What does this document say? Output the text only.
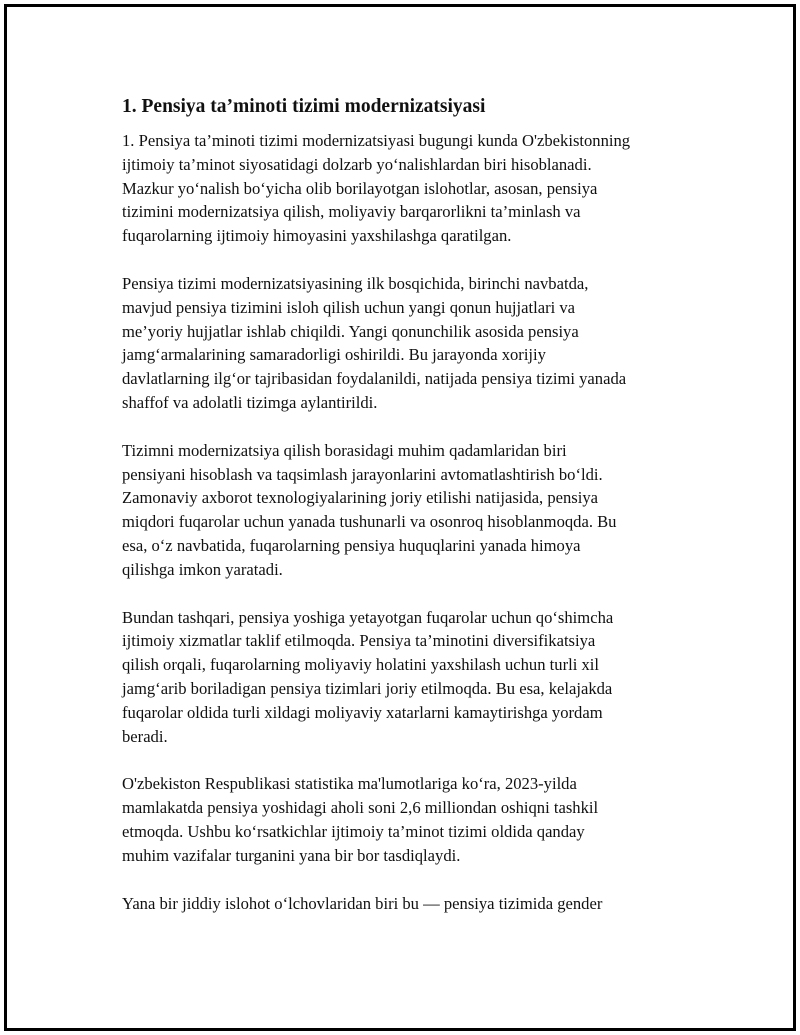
1. Pensiya ta’minoti tizimi modernizatsiyasi

1. Pensiya ta’minoti tizimi modernizatsiyasi bugungi kunda O'zbekistonning
ijtimoiy ta’minot siyosatidagi dolzarb yo‘nalishlardan biri hisoblanadi.
Mazkur yo‘nalish bo‘yicha olib borilayotgan islohotlar, asosan, pensiya
tizimini modernizatsiya qilish, moliyaviy barqarorlikni ta’minlash va
fuqarolarning ijtimoiy himoyasini yaxshilashga qaratilgan.

Pensiya tizimi modernizatsiyasining ilk bosqichida, birinchi navbatda,
mavjud pensiya tizimini isloh qilish uchun yangi qonun hujjatlari va
me’yoriy hujjatlar ishlab chiqildi. Yangi qonunchilik asosida pensiya
jamg‘armalarining samaradorligi oshirildi. Bu jarayonda xorijiy
davlatlarning ilg‘or tajribasidan foydalanildi, natijada pensiya tizimi yanada
shaffof va adolatli tizimga aylantirildi.

Tizimni modernizatsiya qilish borasidagi muhim qadamlaridan biri
pensiyani hisoblash va taqsimlash jarayonlarini avtomatlashtirish bo‘ldi.
Zamonaviy axborot texnologiyalarining joriy etilishi natijasida, pensiya
miqdori fuqarolar uchun yanada tushunarli va osonroq hisoblanmoqda. Bu
esa, o‘z navbatida, fuqarolarning pensiya huquqlarini yanada himoya
qilishga imkon yaratadi.

Bundan tashqari, pensiya yoshiga yetayotgan fuqarolar uchun qo‘shimcha
ijtimoiy xizmatlar taklif etilmoqda. Pensiya ta’minotini diversifikatsiya
qilish orqali, fuqarolarning moliyaviy holatini yaxshilash uchun turli xil
jamg‘arib boriladigan pensiya tizimlari joriy etilmoqda. Bu esa, kelajakda
fuqarolar oldida turli xildagi moliyaviy xatarlarni kamaytirishga yordam
beradi.

O'zbekiston Respublikasi statistika ma'lumotlariga ko‘ra, 2023-yilda
mamlakatda pensiya yoshidagi aholi soni 2,6 milliondan oshiqni tashkil
etmoqda. Ushbu ko‘rsatkichlar ijtimoiy ta’minot tizimi oldida qanday
muhim vazifalar turganini yana bir bor tasdiqlaydi.

Yana bir jiddiy islohot o‘lchovlaridan biri bu — pensiya tizimida gender
